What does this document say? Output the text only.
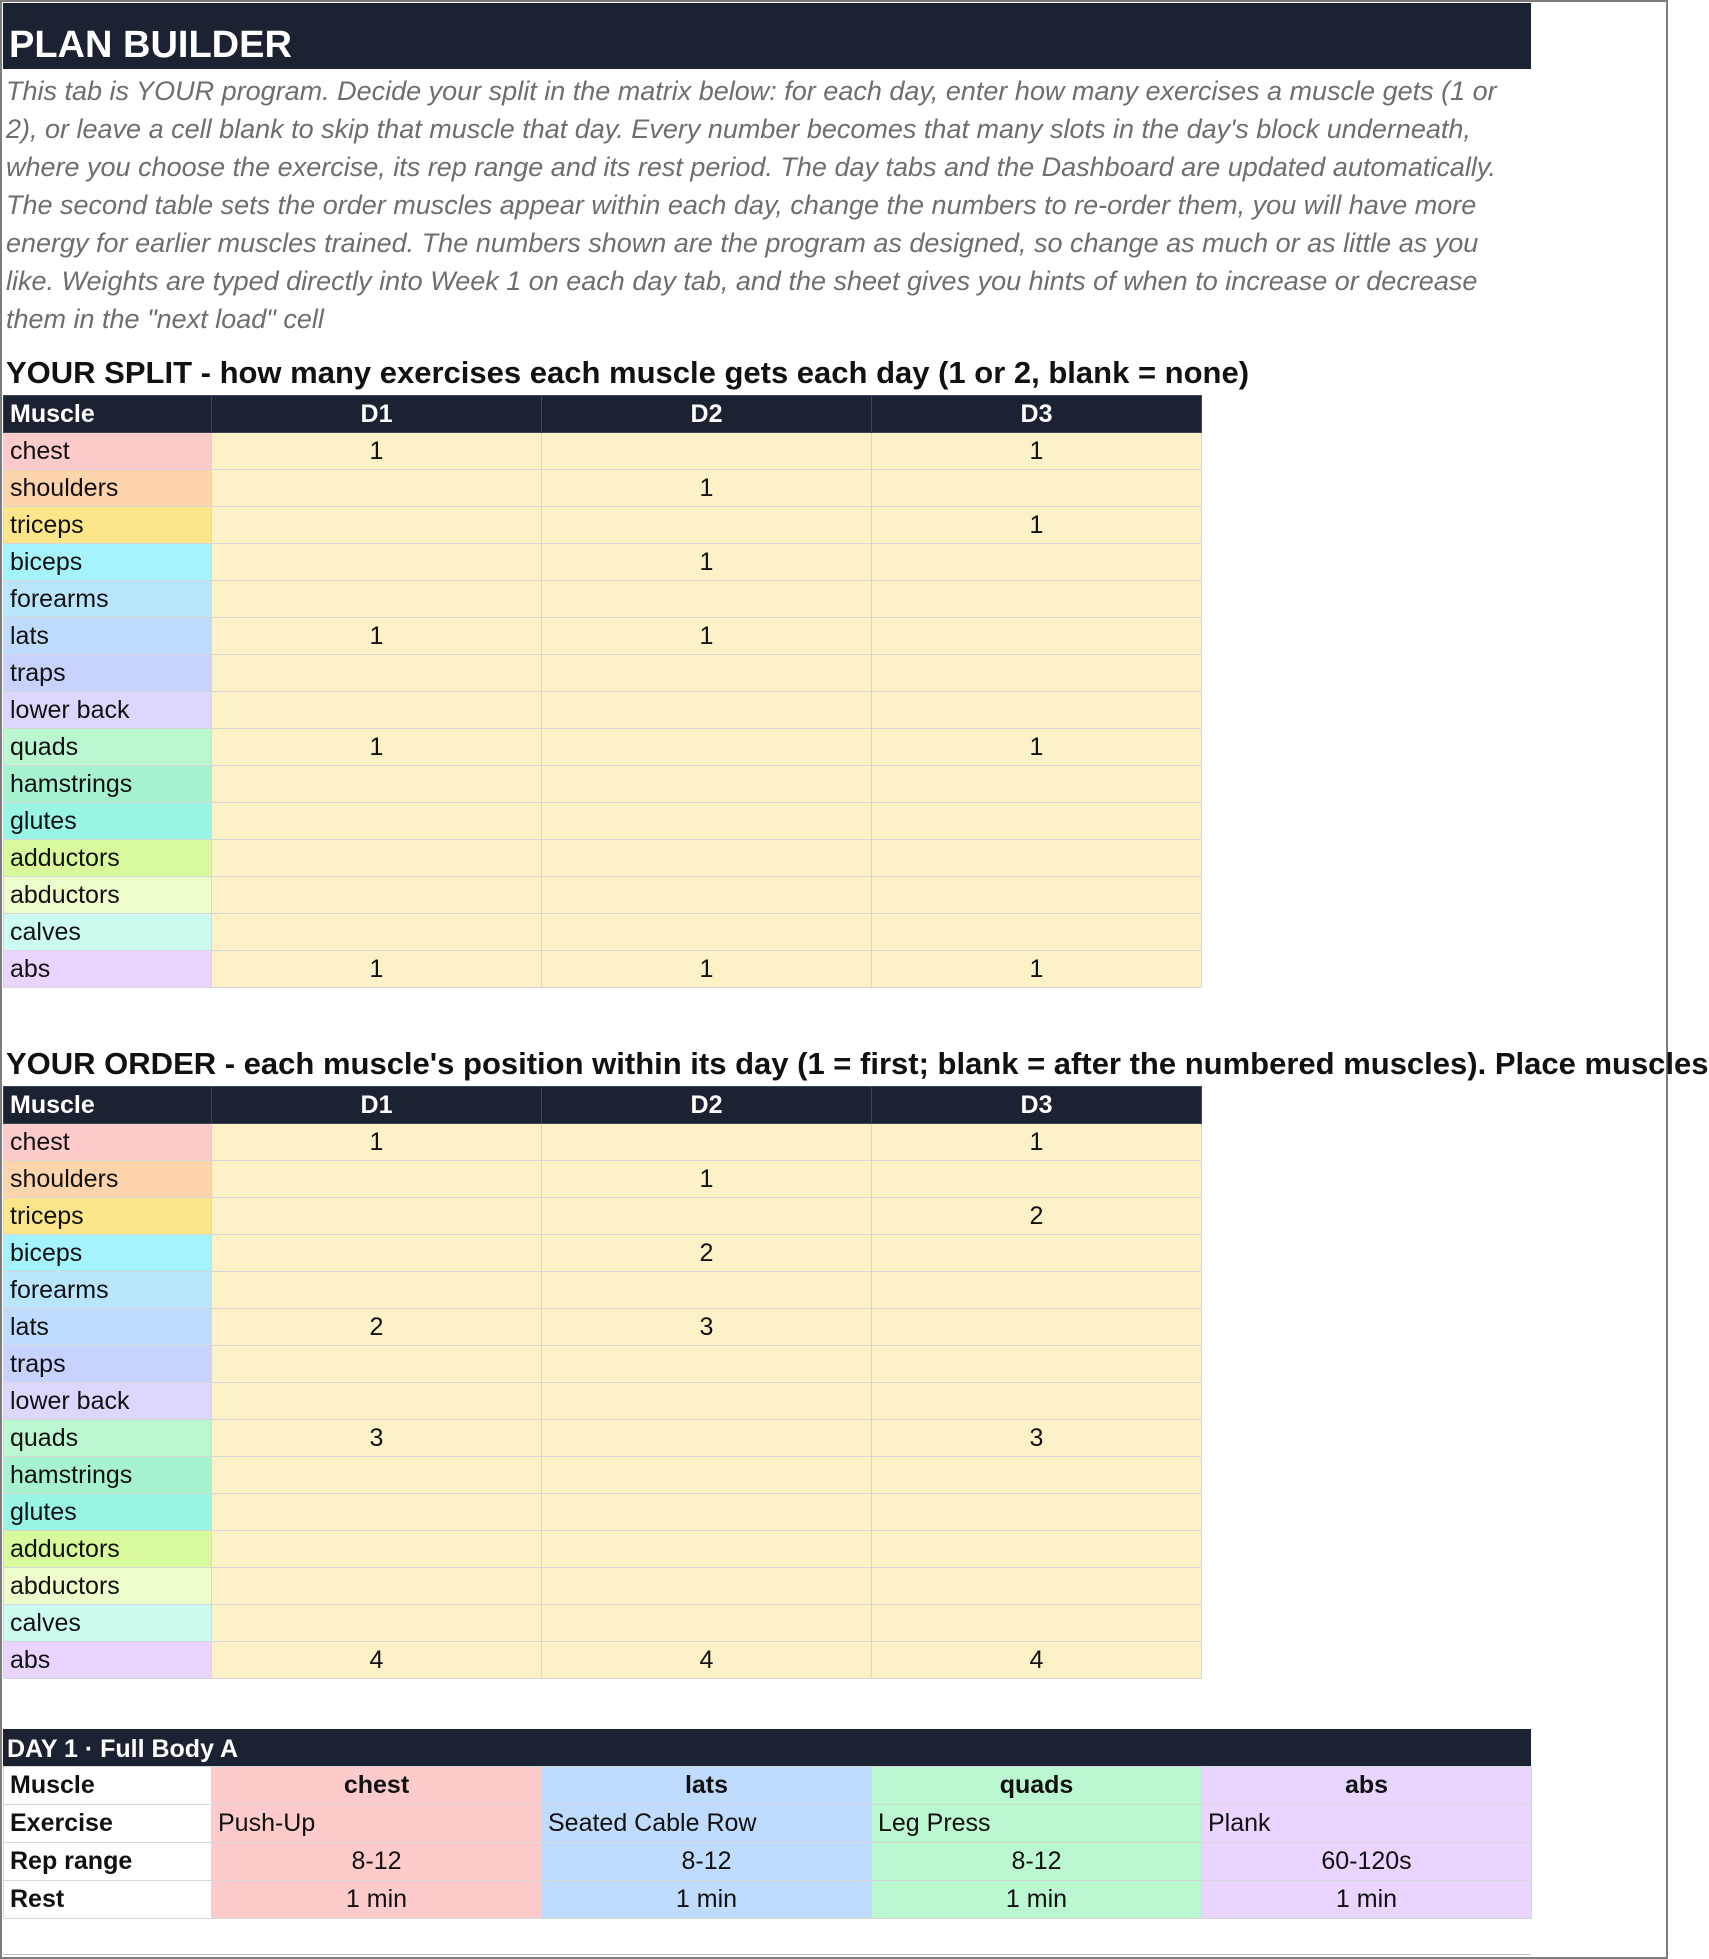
PLAN BUILDER
This tab is YOUR program. Decide your split in the matrix below: for each day, enter how many exercises a muscle gets (1 or 2), or leave a cell blank to skip that muscle that day. Every number becomes that many slots in the day's block underneath, where you choose the exercise, its rep range and its rest period. The day tabs and the Dashboard are updated automatically. The second table sets the order muscles appear within each day, change the numbers to re-order them, you will have more energy for earlier muscles trained. The numbers shown are the program as designed, so change as much or as little as you like. Weights are typed directly into Week 1 on each day tab, and the sheet gives you hints of when to increase or decrease them in the "next load" cell
YOUR SPLIT - how many exercises each muscle gets each day (1 or 2, blank = none)
Muscle	D1	D2	D3
chest	1		1
shoulders		1	
triceps			1
biceps		1	
forearms			
lats	1	1	
traps			
lower back			
quads	1		1
hamstrings			
glutes			
adductors			
abductors			
calves			
abs	1	1	1
YOUR ORDER - each muscle's position within its day (1 = first; blank = after the numbered muscles). Place muscles
Muscle	D1	D2	D3
chest	1		1
shoulders		1	
triceps			2
biceps		2	
forearms			
lats	2	3	
traps			
lower back			
quads	3		3
hamstrings			
glutes			
adductors			
abductors			
calves			
abs	4	4	4
DAY 1 · Full Body A
Muscle	chest	lats	quads	abs
Exercise	Push-Up	Seated Cable Row	Leg Press	Plank
Rep range	8-12	8-12	8-12	60-120s
Rest	1 min	1 min	1 min	1 min
